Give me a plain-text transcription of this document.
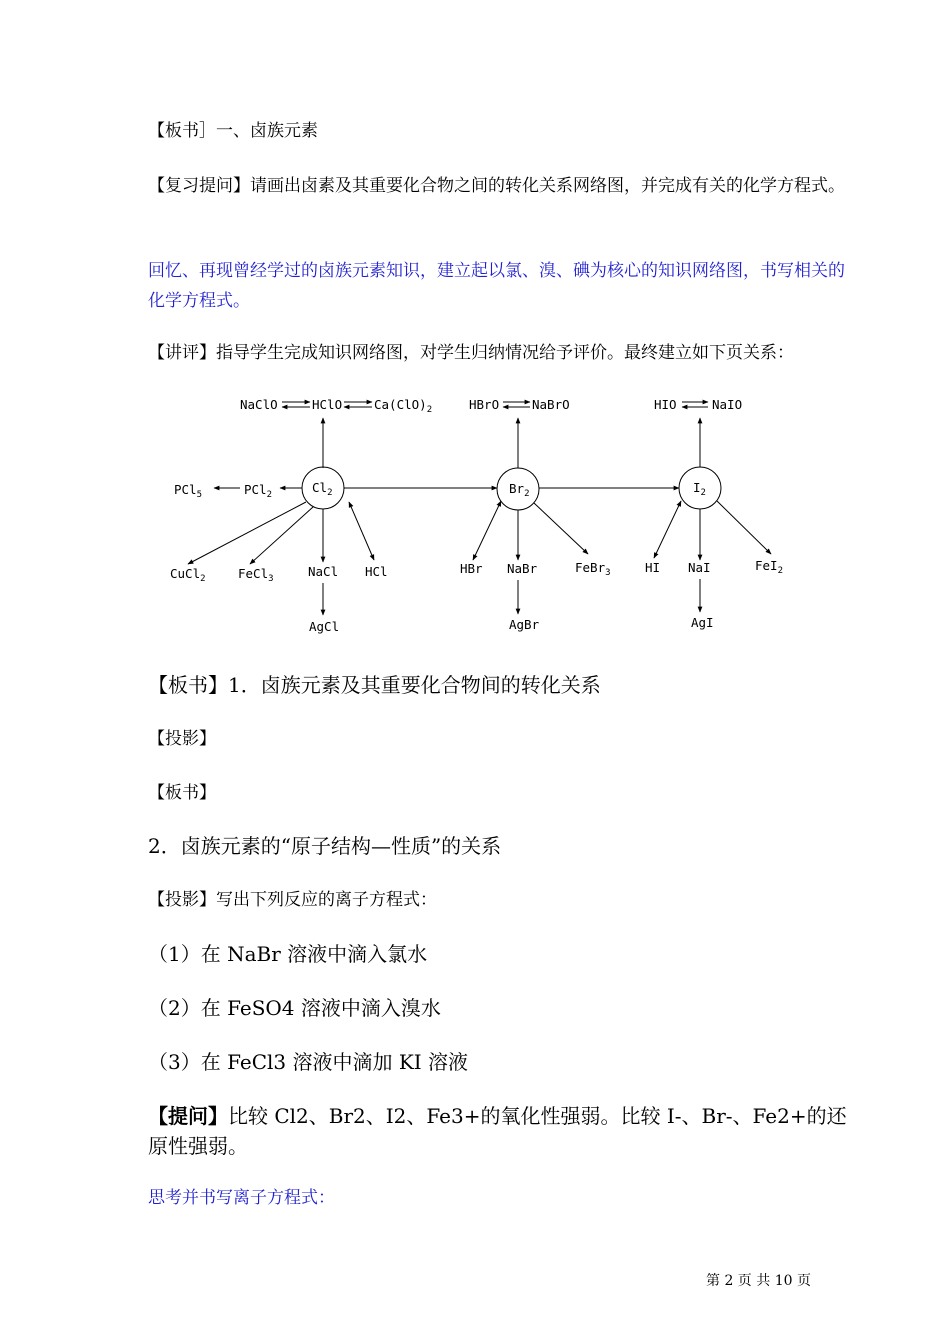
【板书］一、卤族元素

【复习提问】请画出卤素及其重要化合物之间的转化关系网络图，并完成有关的化学方程式。

回忆、再现曾经学过的卤族元素知识，建立起以氯、溴、碘为核心的知识网络图，书写相关的化学方程式。

【讲评】指导学生完成知识网络图，对学生归纳情况给予评价。最终建立如下页关系：

$Cl_2$	$Br_2$	$I_2$
NaClO	HClO	$Ca(ClO)_2$	HBrO	NaBrO	HIO	NaIO
PCl$_5$	PCl$_2$
CuCl$_2$	FeCl$_3$	NaCl HCl
AgCl
HBr NaBr	FeBr$_3$
AgBr
HI NaI	FeI$_2$
AgI

【板书】1．卤族元素及其重要化合物间的转化关系

【投影】

【板书】

2．卤族元素的“原子结构—性质”的关系

【投影】写出下列反应的离子方程式：

（1）在 NaBr 溶液中滴入氯水

（2）在 FeSO4 溶液中滴入溴水

（3）在 FeCl3 溶液中滴加 KI 溶液

【提问】比较 Cl2、Br2、I2、Fe3+的氧化性强弱。比较 I-、Br-、Fe2+的还原性强弱。

思考并书写离子方程式：

第 2 页 共 10 页
